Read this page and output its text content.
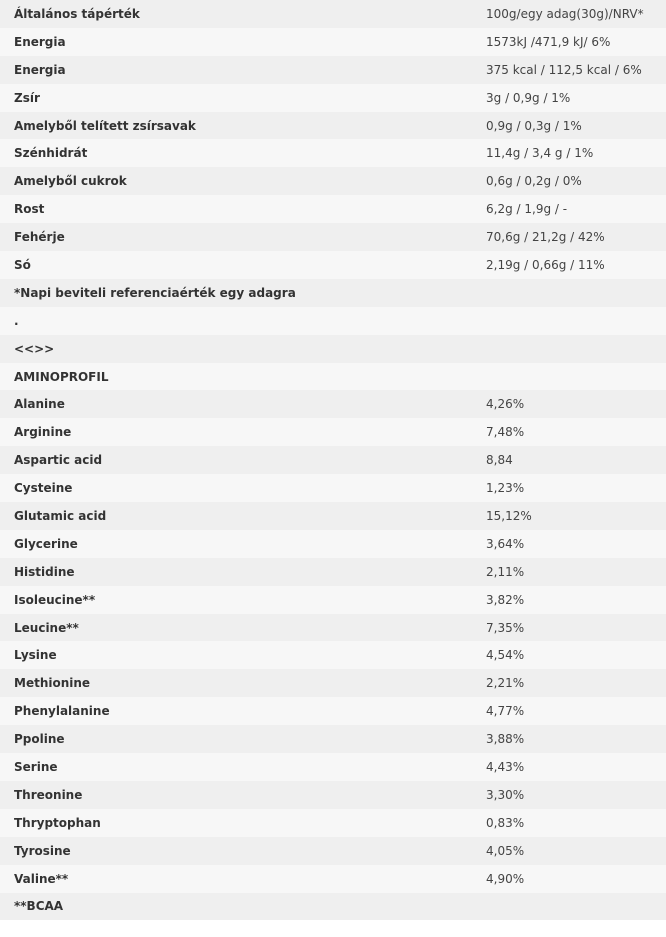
Általános tápérték	100g/egy adag(30g)/NRV*
Energia	1573kJ /471,9 kJ/ 6%
Energia	375 kcal / 112,5 kcal / 6%
Zsír	3g / 0,9g / 1%
Amelyből telített zsírsavak	0,9g / 0,3g / 1%
Szénhidrát	11,4g / 3,4 g / 1%
Amelyből cukrok	0,6g / 0,2g / 0%
Rost	6,2g / 1,9g / -
Fehérje	70,6g / 21,2g / 42%
Só	2,19g / 0,66g / 11%
*Napi beviteli referenciaérték egy adagra
.
<<>>
AMINOPROFIL
Alanine	4,26%
Arginine	7,48%
Aspartic acid	8,84
Cysteine	1,23%
Glutamic acid	15,12%
Glycerine	3,64%
Histidine	2,11%
Isoleucine**	3,82%
Leucine**	7,35%
Lysine	4,54%
Methionine	2,21%
Phenylalanine	4,77%
Ppoline	3,88%
Serine	4,43%
Threonine	3,30%
Thryptophan	0,83%
Tyrosine	4,05%
Valine**	4,90%
**BCAA
